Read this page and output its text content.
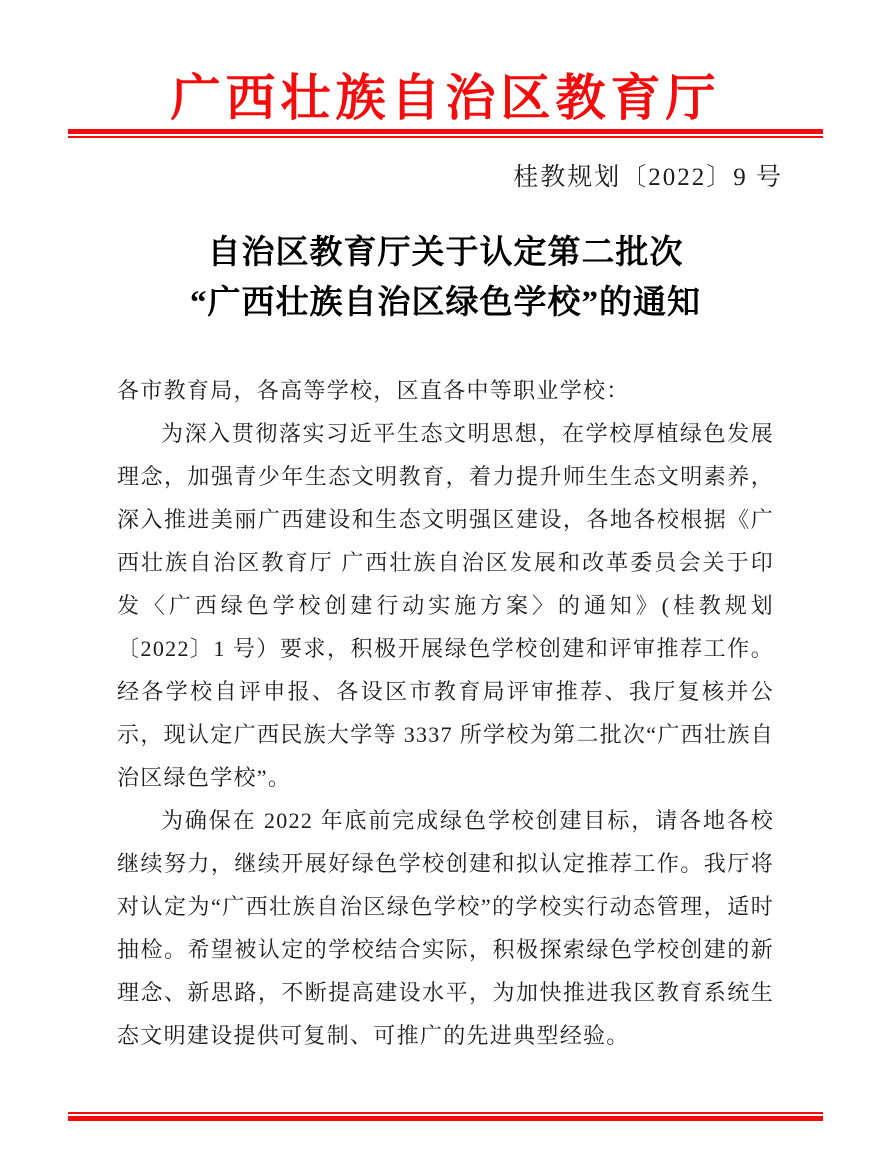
广西壮族自治区教育厅
桂教规划〔2022〕9 号
自治区教育厅关于认定第二批次
“广西壮族自治区绿色学校”的通知

各市教育局，各高等学校，区直各中等职业学校：

为深入贯彻落实习近平生态文明思想，在学校厚植绿色发展理念，加强青少年生态文明教育，着力提升师生生态文明素养，深入推进美丽广西建设和生态文明强区建设，各地各校根据《广西壮族自治区教育厅 广西壮族自治区发展和改革委员会关于印发〈广西绿色学校创建行动实施方案〉的通知》(桂教规划〔2022〕1 号）要求，积极开展绿色学校创建和评审推荐工作。经各学校自评申报、各设区市教育局评审推荐、我厅复核并公示，现认定广西民族大学等 3337 所学校为第二批次“广西壮族自治区绿色学校”。

为确保在 2022 年底前完成绿色学校创建目标，请各地各校继续努力，继续开展好绿色学校创建和拟认定推荐工作。我厅将对认定为“广西壮族自治区绿色学校”的学校实行动态管理，适时抽检。希望被认定的学校结合实际，积极探索绿色学校创建的新理念、新思路，不断提高建设水平，为加快推进我区教育系统生态文明建设提供可复制、可推广的先进典型经验。
